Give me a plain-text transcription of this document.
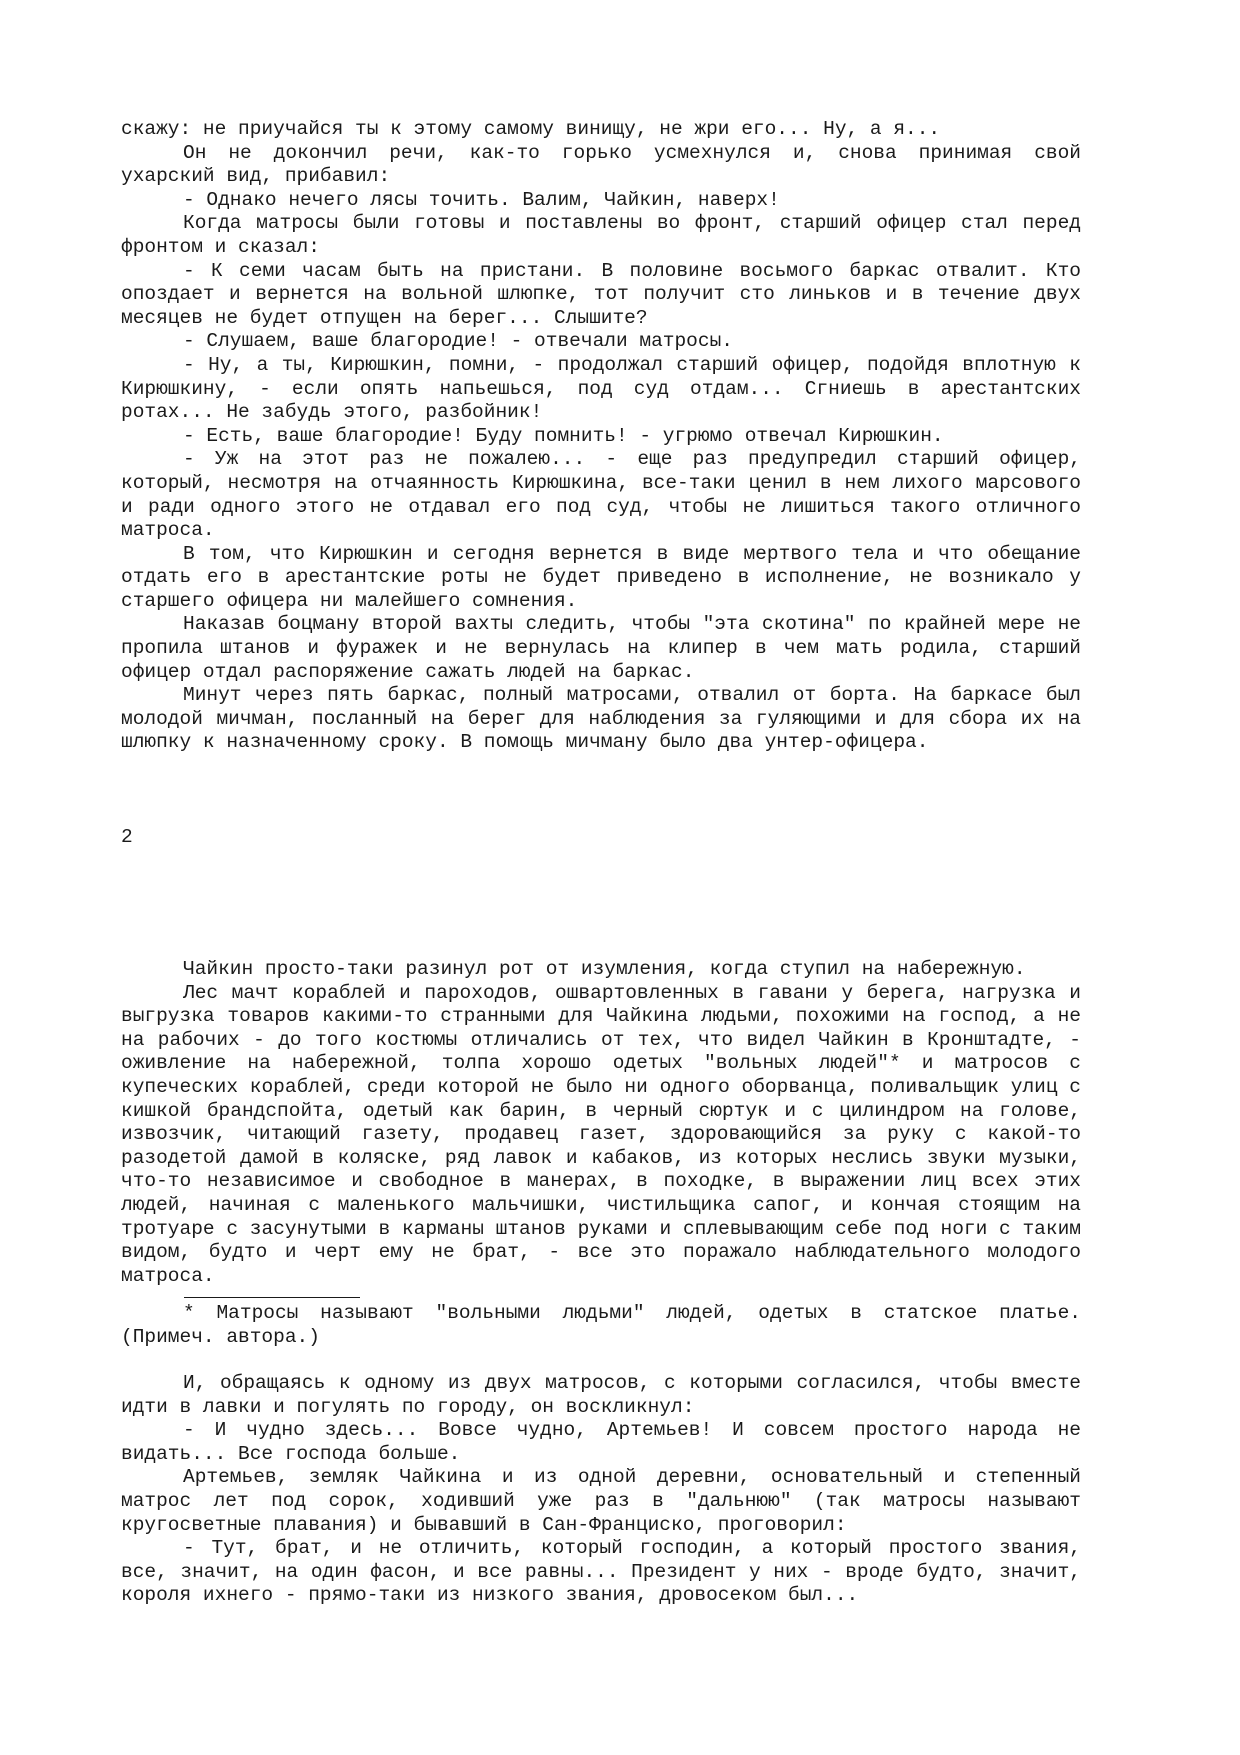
скажу: не приучайся ты к этому самому винищу, не жри его... Ну, а я...

Он не докончил речи, как-то горько усмехнулся и, снова принимая свой ухарский вид, прибавил:

- Однако нечего лясы точить. Валим, Чайкин, наверх!

Когда матросы были готовы и поставлены во фронт, старший офицер стал перед фронтом и сказал:

- К семи часам быть на пристани. В половине восьмого баркас отвалит. Кто опоздает и вернется на вольной шлюпке, тот получит сто линьков и в течение двух месяцев не будет отпущен на берег... Слышите?

- Слушаем, ваше благородие! - отвечали матросы.

- Ну, а ты, Кирюшкин, помни, - продолжал старший офицер, подойдя вплотную к Кирюшкину, - если опять напьешься, под суд отдам... Сгниешь в арестантских ротах... Не забудь этого, разбойник!

- Есть, ваше благородие! Буду помнить! - угрюмо отвечал Кирюшкин.

- Уж на этот раз не пожалею... - еще раз предупредил старший офицер, который, несмотря на отчаянность Кирюшкина, все-таки ценил в нем лихого марсового и ради одного этого не отдавал его под суд, чтобы не лишиться такого отличного матроса.

В том, что Кирюшкин и сегодня вернется в виде мертвого тела и что обещание отдать его в арестантские роты не будет приведено в исполнение, не возникало у старшего офицера ни малейшего сомнения.

Наказав боцману второй вахты следить, чтобы "эта скотина" по крайней мере не пропила штанов и фуражек и не вернулась на клипер в чем мать родила, старший офицер отдал распоряжение сажать людей на баркас.

Минут через пять баркас, полный матросами, отвалил от борта. На баркасе был молодой мичман, посланный на берег для наблюдения за гуляющими и для сбора их на шлюпку к назначенному сроку. В помощь мичману было два унтер-офицера.

2

Чайкин просто-таки разинул рот от изумления, когда ступил на набережную.

Лес мачт кораблей и пароходов, ошвартовленных в гавани у берега, нагрузка и выгрузка товаров какими-то странными для Чайкина людьми, похожими на господ, а не на рабочих - до того костюмы отличались от тех, что видел Чайкин в Кронштадте, - оживление на набережной, толпа хорошо одетых "вольных людей"* и матросов с купеческих кораблей, среди которой не было ни одного оборванца, поливальщик улиц с кишкой брандспойта, одетый как барин, в черный сюртук и с цилиндром на голове, извозчик, читающий газету, продавец газет, здоровающийся за руку с какой-то разодетой дамой в коляске, ряд лавок и кабаков, из которых неслись звуки музыки, что-то независимое и свободное в манерах, в походке, в выражении лиц всех этих людей, начиная с маленького мальчишки, чистильщика сапог, и кончая стоящим на тротуаре с засунутыми в карманы штанов руками и сплевывающим себе под ноги с таким видом, будто и черт ему не брат, - все это поражало наблюдательного молодого матроса.

* Матросы называют "вольными людьми" людей, одетых в статское платье. (Примеч. автора.)

И, обращаясь к одному из двух матросов, с которыми согласился, чтобы вместе идти в лавки и погулять по городу, он воскликнул:

- И чудно здесь... Вовсе чудно, Артемьев! И совсем простого народа не видать... Все господа больше.

Артемьев, земляк Чайкина и из одной деревни, основательный и степенный матрос лет под сорок, ходивший уже раз в "дальнюю" (так матросы называют кругосветные плавания) и бывавший в Сан-Франциско, проговорил:

- Тут, брат, и не отличить, который господин, а который простого звания, все, значит, на один фасон, и все равны... Президент у них - вроде будто, значит, короля ихнего - прямо-таки из низкого звания, дровосеком был...
